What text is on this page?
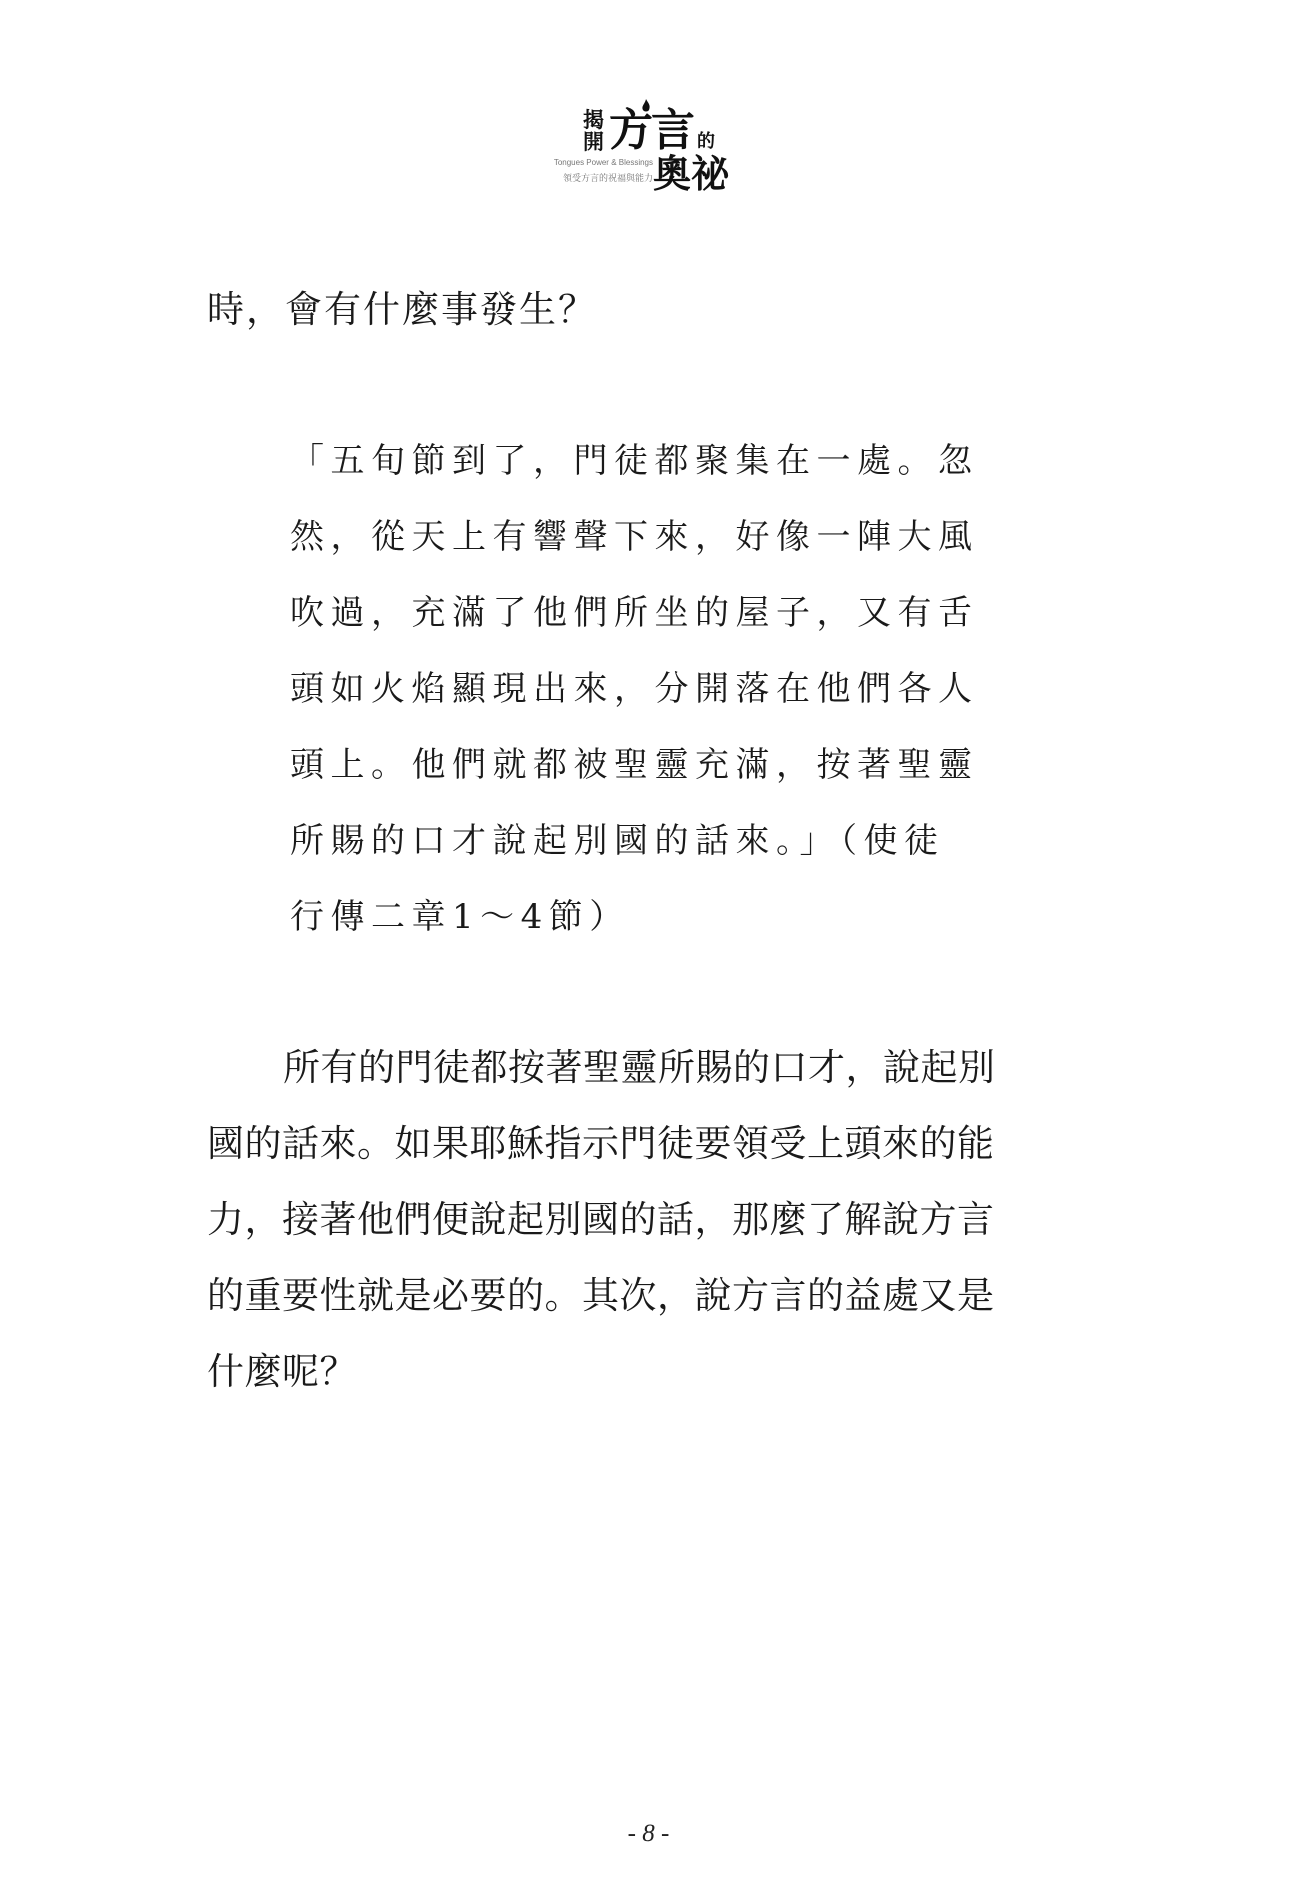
揭開 方言 的
奧祕
Tongues Power & Blessings
領受方言的祝福與能力
時，會有什麼事發生？
「五旬節到了，門徒都聚集在一處。忽
然，從天上有響聲下來，好像一陣大風
吹過，充滿了他們所坐的屋子，又有舌
頭如火焰顯現出來，分開落在他們各人
頭上。他們就都被聖靈充滿，按著聖靈
所賜的口才說起別國的話來。」（使徒
行傳二章1～4節）
所有的門徒都按著聖靈所賜的口才，說起別
國的話來。如果耶穌指示門徒要領受上頭來的能
力，接著他們便說起別國的話，那麼了解說方言
的重要性就是必要的。其次，說方言的益處又是
什麼呢？
- 8 -
